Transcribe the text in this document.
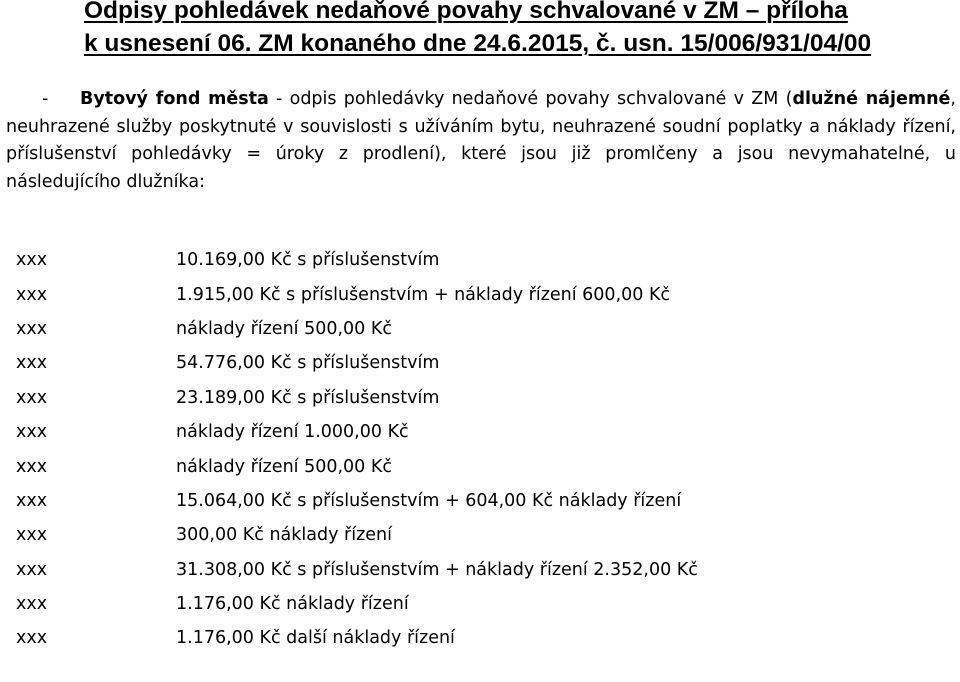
Odpisy pohledávek nedaňové povahy schvalované v ZM – příloha
k usnesení 06. ZM konaného dne 24.6.2015, č. usn. 15/006/931/04/00

- Bytový fond města - odpis pohledávky nedaňové povahy schvalované v ZM (dlužné nájemné, neuhrazené služby poskytnuté v souvislosti s užíváním bytu, neuhrazené soudní poplatky a náklady řízení, příslušenství pohledávky = úroky z prodlení), které jsou již promlčeny a jsou nevymahatelné, u následujícího dlužníka:

xxx	10.169,00 Kč s příslušenstvím
xxx	1.915,00 Kč s příslušenstvím + náklady řízení 600,00 Kč
xxx	náklady řízení 500,00 Kč
xxx	54.776,00 Kč s příslušenstvím
xxx	23.189,00 Kč s příslušenstvím
xxx	náklady řízení 1.000,00 Kč
xxx	náklady řízení 500,00 Kč
xxx	15.064,00 Kč s příslušenstvím + 604,00 Kč náklady řízení
xxx	300,00 Kč náklady řízení
xxx	31.308,00 Kč s příslušenstvím + náklady řízení 2.352,00 Kč
xxx	1.176,00 Kč náklady řízení
xxx	1.176,00 Kč další náklady řízení
